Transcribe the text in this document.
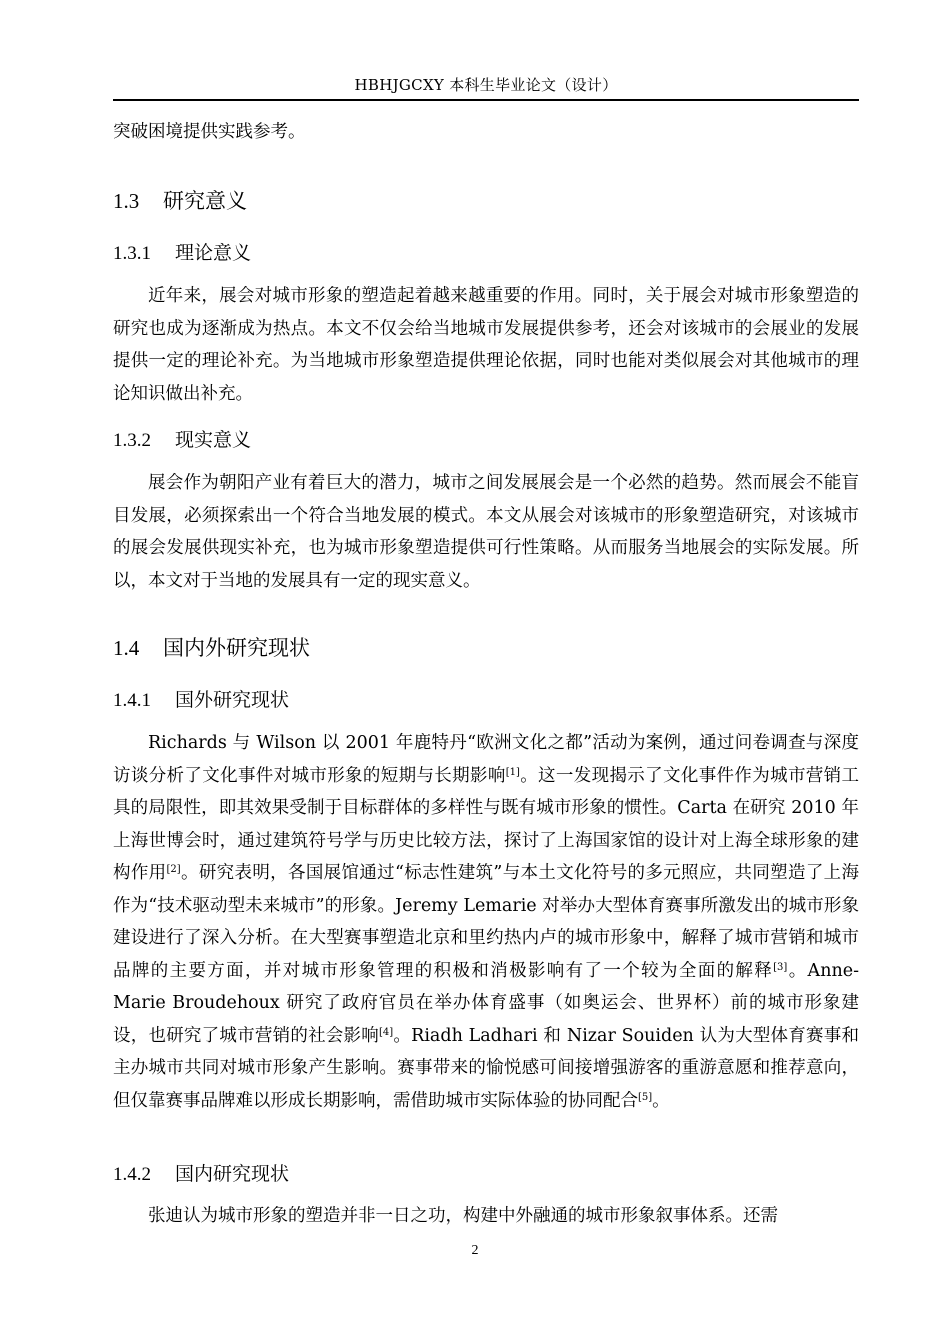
HBHJGCXY 本科生毕业论文（设计）
突破困境提供实践参考。
1.3 研究意义
1.3.1 理论意义
近年来，展会对城市形象的塑造起着越来越重要的作用。同时，关于展会对城市形象塑造的研究也成为逐渐成为热点。本文不仅会给当地城市发展提供参考，还会对该城市的会展业的发展提供一定的理论补充。为当地城市形象塑造提供理论依据，同时也能对类似展会对其他城市的理论知识做出补充。
1.3.2 现实意义
展会作为朝阳产业有着巨大的潜力，城市之间发展展会是一个必然的趋势。然而展会不能盲目发展，必须探索出一个符合当地发展的模式。本文从展会对该城市的形象塑造研究，对该城市的展会发展供现实补充，也为城市形象塑造提供可行性策略。从而服务当地展会的实际发展。所以，本文对于当地的发展具有一定的现实意义。
1.4 国内外研究现状
1.4.1 国外研究现状
Richards 与 Wilson 以 2001 年鹿特丹“欧洲文化之都”活动为案例，通过问卷调查与深度访谈分析了文化事件对城市形象的短期与长期影响[1]。这一发现揭示了文化事件作为城市营销工具的局限性，即其效果受制于目标群体的多样性与既有城市形象的惯性。Carta 在研究 2010 年上海世博会时，通过建筑符号学与历史比较方法，探讨了上海国家馆的设计对上海全球形象的建构作用[2]。研究表明，各国展馆通过“标志性建筑”与本土文化符号的多元照应，共同塑造了上海作为“技术驱动型未来城市”的形象。Jeremy Lemarie 对举办大型体育赛事所激发出的城市形象建设进行了深入分析。在大型赛事塑造北京和里约热内卢的城市形象中，解释了城市营销和城市品牌的主要方面，并对城市形象管理的积极和消极影响有了一个较为全面的解释[3]。Anne-Marie Broudehoux 研究了政府官员在举办体育盛事（如奥运会、世界杯）前的城市形象建设，也研究了城市营销的社会影响[4]。Riadh Ladhari 和 Nizar Souiden 认为大型体育赛事和主办城市共同对城市形象产生影响。赛事带来的愉悦感可间接增强游客的重游意愿和推荐意向，但仅靠赛事品牌难以形成长期影响，需借助城市实际体验的协同配合[5]。
1.4.2 国内研究现状
张迪认为城市形象的塑造并非一日之功，构建中外融通的城市形象叙事体系。还需
2
